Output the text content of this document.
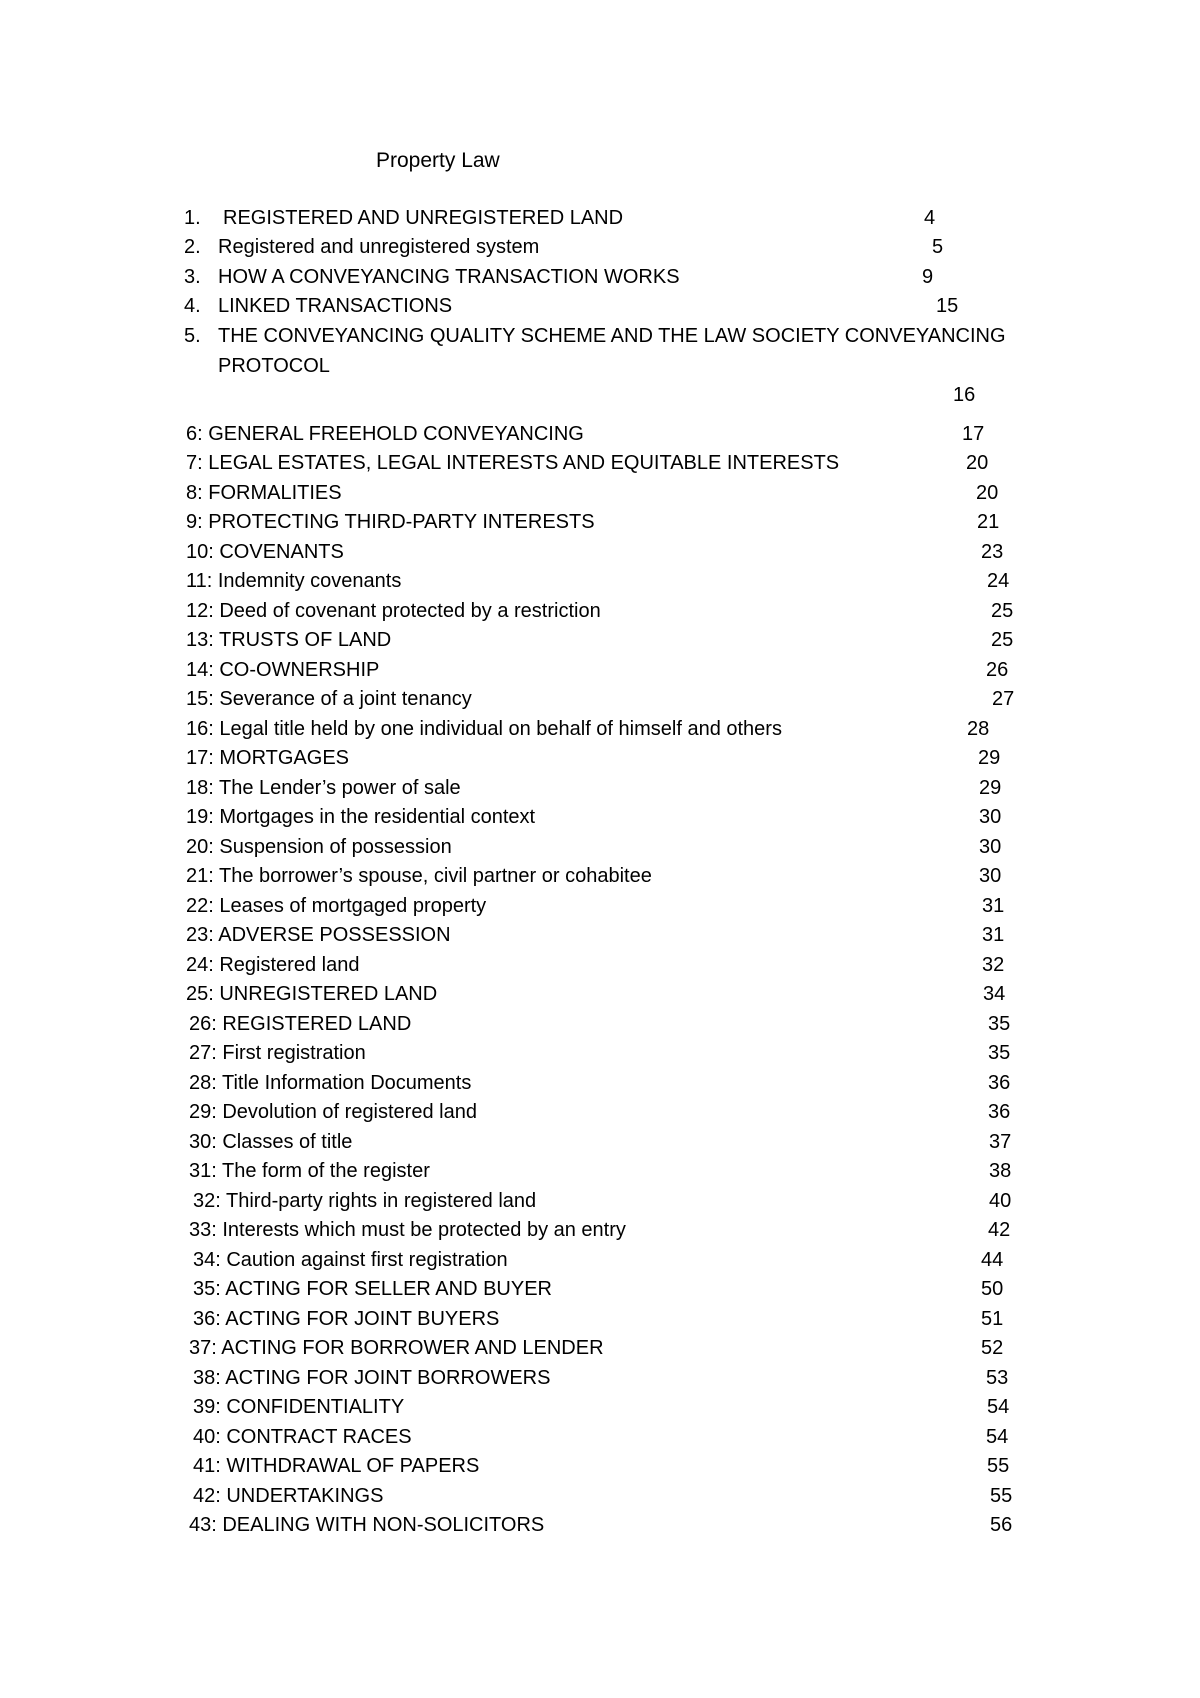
Property Law
1. REGISTERED AND UNREGISTERED LAND	4
2. Registered and unregistered system	5
3. HOW A CONVEYANCING TRANSACTION WORKS	9
4. LINKED TRANSACTIONS	15
5. THE CONVEYANCING QUALITY SCHEME AND THE LAW SOCIETY CONVEYANCING
PROTOCOL
16
6: GENERAL FREEHOLD CONVEYANCING	17
7: LEGAL ESTATES, LEGAL INTERESTS AND EQUITABLE INTERESTS	20
8: FORMALITIES	20
9: PROTECTING THIRD-PARTY INTERESTS	21
10: COVENANTS	23
11: Indemnity covenants	24
12: Deed of covenant protected by a restriction	25
13: TRUSTS OF LAND	25
14: CO-OWNERSHIP	26
15: Severance of a joint tenancy	27
16: Legal title held by one individual on behalf of himself and others	28
17: MORTGAGES	29
18: The Lender’s power of sale	29
19: Mortgages in the residential context	30
20: Suspension of possession	30
21: The borrower’s spouse, civil partner or cohabitee	30
22: Leases of mortgaged property	31
23: ADVERSE POSSESSION	31
24: Registered land	32
25: UNREGISTERED LAND	34
26: REGISTERED LAND	35
27: First registration	35
28: Title Information Documents	36
29: Devolution of registered land	36
30: Classes of title	37
31: The form of the register	38
32: Third-party rights in registered land	40
33: Interests which must be protected by an entry	42
34: Caution against first registration	44
35: ACTING FOR SELLER AND BUYER	50
36: ACTING FOR JOINT BUYERS	51
37: ACTING FOR BORROWER AND LENDER	52
38: ACTING FOR JOINT BORROWERS	53
39: CONFIDENTIALITY	54
40: CONTRACT RACES	54
41: WITHDRAWAL OF PAPERS	55
42: UNDERTAKINGS	55
43: DEALING WITH NON-SOLICITORS	56
